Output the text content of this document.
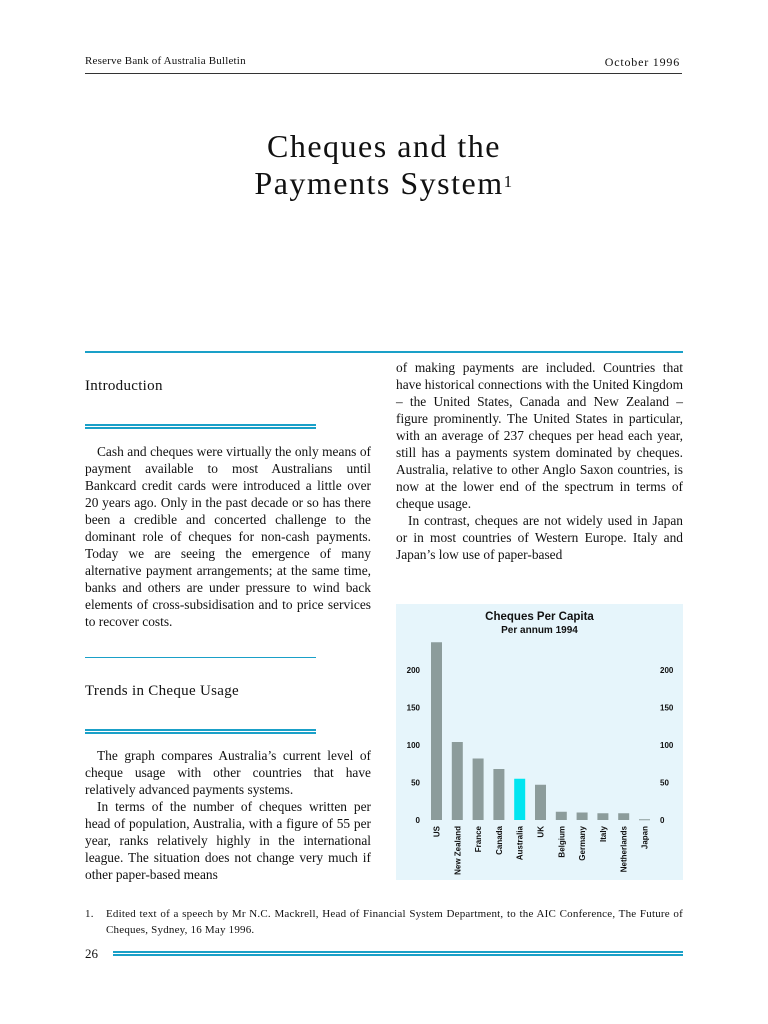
Reserve Bank of Australia Bulletin	October 1996
Cheques and the
Payments System$^1$
Introduction

Cash and cheques were virtually the only means of payment available to most Australians until Bankcard credit cards were introduced a little over 20 years ago. Only in the past decade or so has there been a credible and concerted challenge to the dominant role of cheques for non-cash payments. Today we are seeing the emergence of many alternative payment arrangements; at the same time, banks and others are under pressure to wind back elements of cross-subsidisation and to price services to recover costs.

Trends in Cheque Usage

The graph compares Australia’s current level of cheque usage with other countries that have relatively advanced payments systems.

In terms of the number of cheques written per head of population, Australia, with a figure of 55 per year, ranks relatively highly in the international league. The situation does not change very much if other paper-based means

of making payments are included. Countries that have historical connections with the United Kingdom – the United States, Canada and New Zealand – figure prominently. The United States in particular, with an average of 237 cheques per head each year, still has a payments system dominated by cheques. Australia, relative to other Anglo Saxon countries, is now at the lower end of the spectrum in terms of cheque usage.

In contrast, cheques are not widely used in Japan or in most countries of Western Europe. Italy and Japan’s low use of paper-based

Cheques Per Capita
Per annum 1994
0	0
50	50
100	100
150	150
200	200
US New Zealand France Canada Australia UK Belgium Germany Italy Netherlands Japan
1. Edited text of a speech by Mr N.C. Mackrell, Head of Financial System Department, to the AIC Conference, The Future of Cheques, Sydney, 16 May 1996.
26
